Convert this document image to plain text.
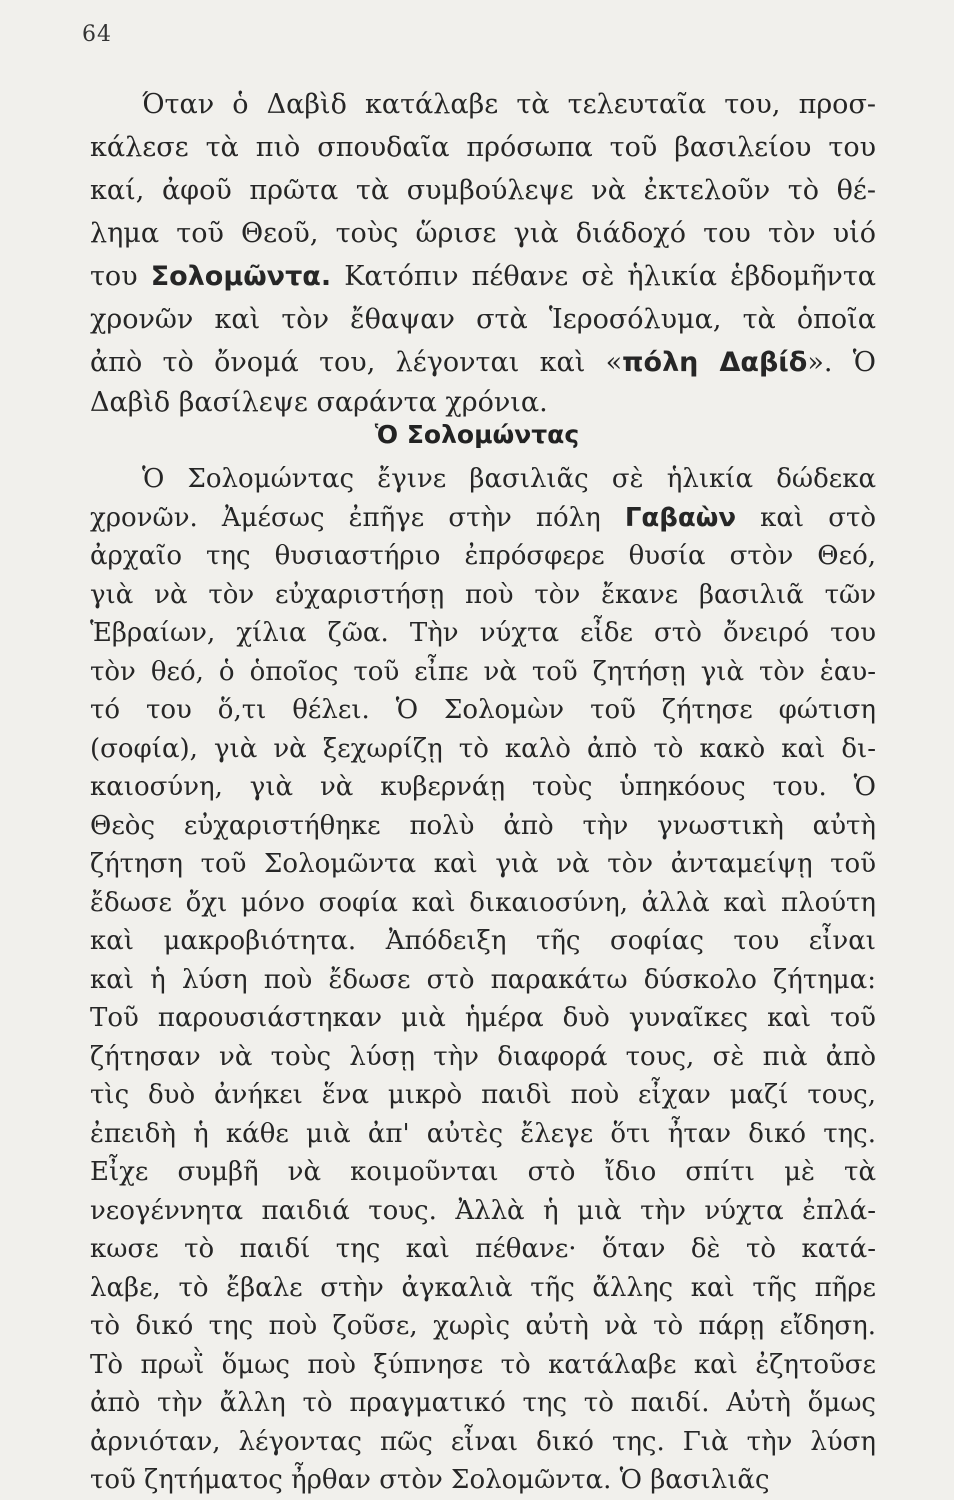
64
Όταν ὁ Δαβὶδ κατάλαβε τὰ τελευταῖα του, προσ-
κάλεσε τὰ πιὸ σπουδαῖα πρόσωπα τοῦ βασιλείου του
καί, ἀφοῦ πρῶτα τὰ συμβούλεψε νὰ ἐκτελοῦν τὸ θέ-
λημα τοῦ Θεοῦ, τοὺς ὥρισε γιὰ διάδοχό του τὸν υἱό
του Σολομῶντα. Κατόπιν πέθανε σὲ ἡλικία ἑβδομῆντα
χρονῶν καὶ τὸν ἔθαψαν στὰ Ἱεροσόλυμα, τὰ ὁποῖα
ἀπὸ τὸ ὄνομά του, λέγονται καὶ «πόλη Δαβίδ». Ὁ
Δαβὶδ βασίλεψε σαράντα χρόνια.
Ὁ Σολομώντας
Ὁ Σολομώντας ἔγινε βασιλιᾶς σὲ ἡλικία δώδεκα
χρονῶν. Ἀμέσως ἐπῆγε στὴν πόλη Γαβαὼν καὶ στὸ
ἀρχαῖο της θυσιαστήριο ἐπρόσφερε θυσία στὸν Θεό,
γιὰ νὰ τὸν εὐχαριστήσῃ ποὺ τὸν ἔκανε βασιλιᾶ τῶν
Ἑβραίων, χίλια ζῶα. Τὴν νύχτα εἶδε στὸ ὄνειρό του
τὸν θεό, ὁ ὁποῖος τοῦ εἶπε νὰ τοῦ ζητήσῃ γιὰ τὸν ἑαυ-
τό του ὅ,τι θέλει. Ὁ Σολομὼν τοῦ ζήτησε φώτιση
(σοφία), γιὰ νὰ ξεχωρίζῃ τὸ καλὸ ἀπὸ τὸ κακὸ καὶ δι-
καιοσύνη, γιὰ νὰ κυβερνάῃ τοὺς ὑπηκόους του. Ὁ
Θεὸς εὐχαριστήθηκε πολὺ ἀπὸ τὴν γνωστικὴ αὐτὴ
ζήτηση τοῦ Σολομῶντα καὶ γιὰ νὰ τὸν ἀνταμείψῃ τοῦ
ἔδωσε ὄχι μόνο σοφία καὶ δικαιοσύνη, ἀλλὰ καὶ πλούτη
καὶ μακροβιότητα. Ἀπόδειξη τῆς σοφίας του εἶναι
καὶ ἡ λύση ποὺ ἔδωσε στὸ παρακάτω δύσκολο ζήτημα:
Τοῦ παρουσιάστηκαν μιὰ ἡμέρα δυὸ γυναῖκες καὶ τοῦ
ζήτησαν νὰ τοὺς λύσῃ τὴν διαφορά τους, σὲ πιὰ ἀπὸ
τὶς δυὸ ἀνήκει ἕνα μικρὸ παιδὶ ποὺ εἶχαν μαζί τους,
ἐπειδὴ ἡ κάθε μιὰ ἀπ' αὐτὲς ἔλεγε ὅτι ἦταν δικό της.
Εἶχε συμβῆ νὰ κοιμοῦνται στὸ ἴδιο σπίτι μὲ τὰ
νεογέννητα παιδιά τους. Ἀλλὰ ἡ μιὰ τὴν νύχτα ἐπλά-
κωσε τὸ παιδί της καὶ πέθανε· ὅταν δὲ τὸ κατά-
λαβε, τὸ ἔβαλε στὴν ἀγκαλιὰ τῆς ἄλλης καὶ τῆς πῆρε
τὸ δικό της ποὺ ζοῦσε, χωρὶς αὐτὴ νὰ τὸ πάρῃ εἴδηση.
Τὸ πρωῒ ὅμως ποὺ ξύπνησε τὸ κατάλαβε καὶ ἐζητοῦσε
ἀπὸ τὴν ἄλλη τὸ πραγματικό της τὸ παιδί. Αὐτὴ ὅμως
ἀρνιόταν, λέγοντας πῶς εἶναι δικό της. Γιὰ τὴν λύση
τοῦ ζητήματος ἦρθαν στὸν Σολομῶντα. Ὁ βασιλιᾶς
